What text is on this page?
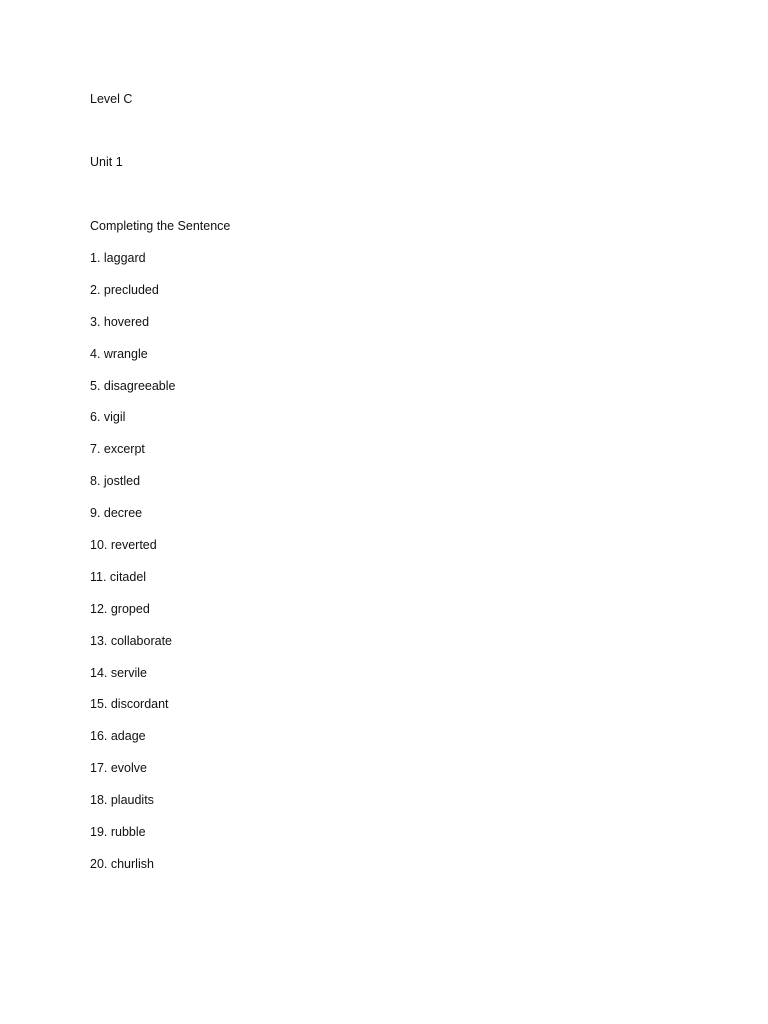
Level C
Unit 1
Completing the Sentence
1. laggard
2. precluded
3. hovered
4. wrangle
5. disagreeable
6. vigil
7. excerpt
8. jostled
9. decree
10. reverted
11. citadel
12. groped
13. collaborate
14. servile
15. discordant
16. adage
17. evolve
18. plaudits
19. rubble
20. churlish
